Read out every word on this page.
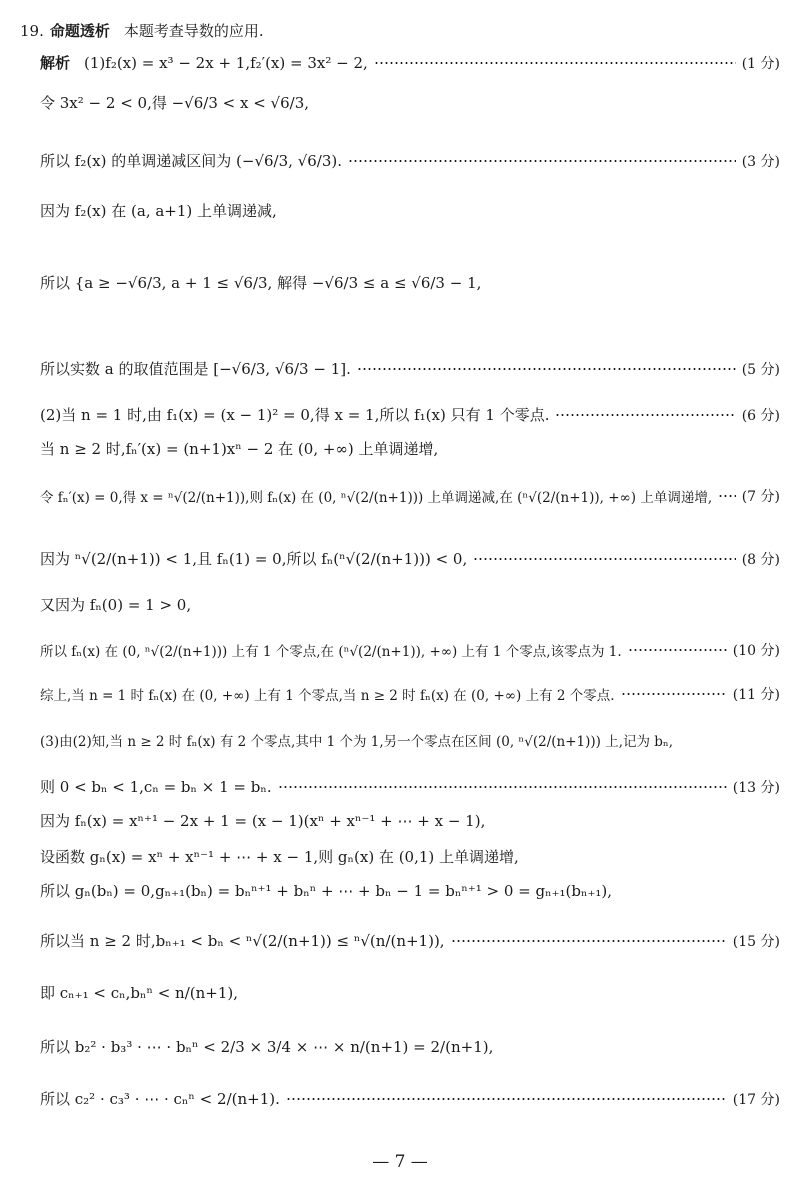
19. 命题透析 本题考查导数的应用.
解析 (1)f₂(x) = x³ − 2x + 1,f₂′(x) = 3x² − 2,	(1 分)
令 3x² − 2 < 0,得 −√6/3 < x < √6/3,
所以 f₂(x) 的单调递减区间为 (−√6/3, √6/3).	(3 分)
因为 f₂(x) 在 (a, a+1) 上单调递减,
所以 {a ≥ −√6/3, a + 1 ≤ √6/3, 解得 −√6/3 ≤ a ≤ √6/3 − 1,
所以实数 a 的取值范围是 [−√6/3, √6/3 − 1].	(5 分)
(2)当 n = 1 时,由 f₁(x) = (x − 1)² = 0,得 x = 1,所以 f₁(x) 只有 1 个零点.	(6 分)
当 n ≥ 2 时,fₙ′(x) = (n+1)xⁿ − 2 在 (0, +∞) 上单调递增,
令 fₙ′(x) = 0,得 x = ⁿ√(2/(n+1)),则 fₙ(x) 在 (0, ⁿ√(2/(n+1))) 上单调递减,在 (ⁿ√(2/(n+1)), +∞) 上单调递增, (7 分)
因为 ⁿ√(2/(n+1)) < 1,且 fₙ(1) = 0,所以 fₙ(ⁿ√(2/(n+1))) < 0,	(8 分)
又因为 fₙ(0) = 1 > 0,
所以 fₙ(x) 在 (0, ⁿ√(2/(n+1))) 上有 1 个零点,在 (ⁿ√(2/(n+1)), +∞) 上有 1 个零点,该零点为 1.	(10 分)
综上,当 n = 1 时 fₙ(x) 在 (0, +∞) 上有 1 个零点,当 n ≥ 2 时 fₙ(x) 在 (0, +∞) 上有 2 个零点.	(11 分)
(3)由(2)知,当 n ≥ 2 时 fₙ(x) 有 2 个零点,其中 1 个为 1,另一个零点在区间 (0, ⁿ√(2/(n+1))) 上,记为 bₙ,
则 0 < bₙ < 1,cₙ = bₙ × 1 = bₙ.	(13 分)
因为 fₙ(x) = xⁿ⁺¹ − 2x + 1 = (x − 1)(xⁿ + xⁿ⁻¹ + ⋯ + x − 1),
设函数 gₙ(x) = xⁿ + xⁿ⁻¹ + ⋯ + x − 1,则 gₙ(x) 在 (0,1) 上单调递增,
所以 gₙ(bₙ) = 0,gₙ₊₁(bₙ) = bₙⁿ⁺¹ + bₙⁿ + ⋯ + bₙ − 1 = bₙⁿ⁺¹ > 0 = gₙ₊₁(bₙ₊₁),
所以当 n ≥ 2 时,bₙ₊₁ < bₙ < ⁿ√(2/(n+1)) ≤ ⁿ√(n/(n+1)),	(15 分)
即 cₙ₊₁ < cₙ,bₙⁿ < n/(n+1),
所以 b₂² · b₃³ · ⋯ · bₙⁿ < 2/3 × 3/4 × ⋯ × n/(n+1) = 2/(n+1),
所以 c₂² · c₃³ · ⋯ · cₙⁿ < 2/(n+1).	(17 分)
— 7 —
